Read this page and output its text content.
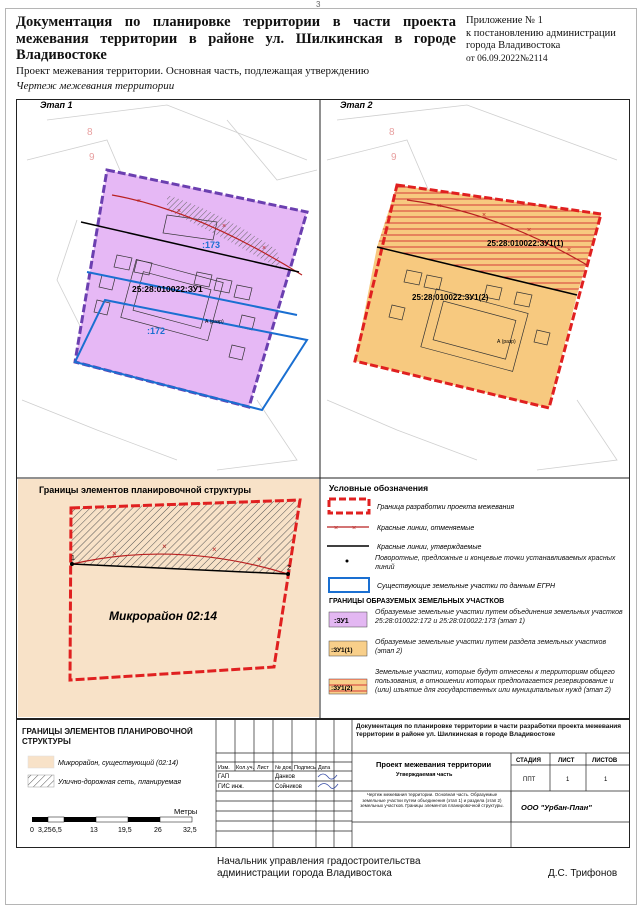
3
Документация по планировке территории в части проекта межевания территории в районе ул. Шилкинская в городе Владивостоке
Приложение № 1
к постановлению администрации
города Владивостока
от 06.09.2022№2114
Проект межевания территории. Основная часть, подлежащая утверждению
Чертеж межевания территории
8
9
×
×
×
×
Этап 1
:173
25:28:010022:ЗУ1
:172
А (разр)
8
9
×
×
×
×
Этап 2
25:28:010022:ЗУ1(1)
25:28:010022:ЗУ1(2)
А (разр)
Границы элементов планировочной структуры
×
×	×
×
1
2
Микрорайон 02:14
Условные обозначения
Граница разработки проекта межевания
× ×	Красные линии, отменяемые
Красные линии, утверждаемые
Поворотные, предложные и концевые точки устанавливаемых красных линий
Существующие земельные участки по данным ЕГРН
ГРАНИЦЫ ОБРАЗУЕМЫХ ЗЕМЕЛЬНЫХ УЧАСТКОВ
:ЗУ1
Образуемые земельные участки путем объединения земельных участков 25:28:010022:172 и 25:28:010022:173 (этап 1)
:ЗУ1(1)
Образуемые земельные участки путем раздела земельных участков (этап 2)
:ЗУ1(2)
Земельные участки, которые будут отнесены к территориям общего пользования, в отношении которых предполагается резервирование и (или) изъятие для государственных или муниципальных нужд (этап 2)
ГРАНИЦЫ ЭЛЕМЕНТОВ ПЛАНИРОВОЧНОЙ СТРУКТУРЫ
Микрорайон, существующий (02:14)
Улично-дорожная сеть, планируемая
Метры
0 3,25 6,5	13	19,5	26	32,5
Изм. Кол.уч. Лист № док. Подпись Дата
ГАП	Данков
ГИС инж.	Сойников
Документация по планировке территории в части разработки проекта межевания территории в районе ул. Шилкинская в городе Владивостоке
Проект межевания территории
Утверждаемая часть
СТАДИЯ	ЛИСТ	ЛИСТОВ
ППТ	1	1
Чертеж межевания территории. Основная часть. Образуемые земельные участки путем объединения (этап 1) и раздела (этап 2) земельных участков. Границы элементов планировочной структуры.	ООО "Урбан-План"
Начальник управления градостроительства
администрации города Владивостока	Д.С. Трифонов
